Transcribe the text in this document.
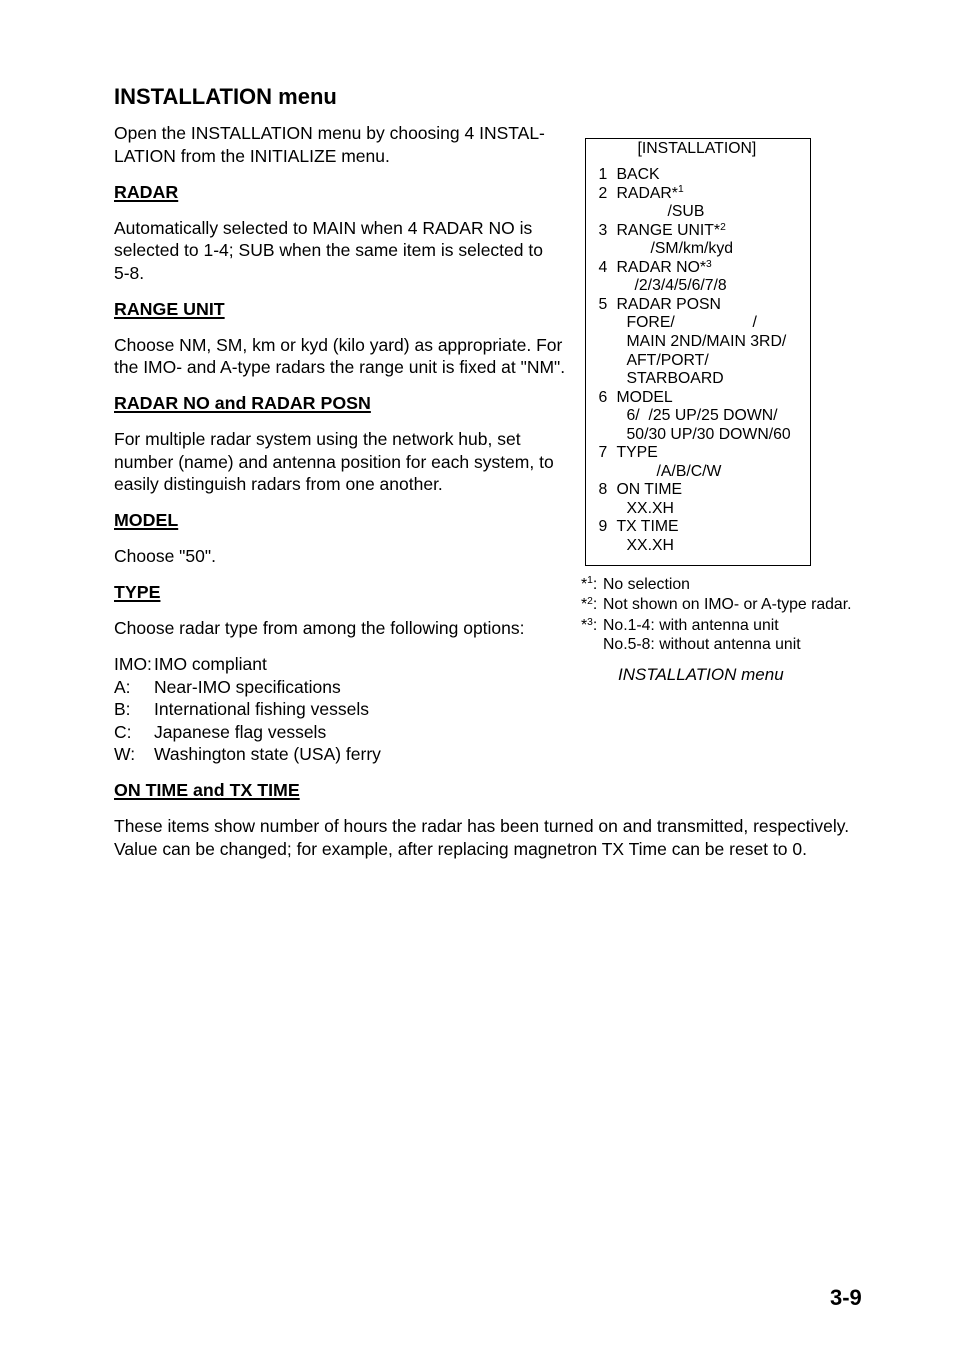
INSTALLATION menu
Open the INSTALLATION menu by choosing 4 INSTAL-
LATION from the INITIALIZE menu.
RADAR
Automatically selected to MAIN when 4 RADAR NO is
selected to 1-4; SUB when the same item is selected to
5-8.
RANGE UNIT
Choose NM, SM, km or kyd (kilo yard) as appropriate. For
the IMO- and A-type radars the range unit is fixed at "NM".
RADAR NO and RADAR POSN
For multiple radar system using the network hub, set
number (name) and antenna position for each system, to
easily distinguish radars from one another.
MODEL
Choose "50".
TYPE
Choose radar type from among the following options:
IMO: IMO compliant
A:	Near-IMO specifications
B:	International fishing vessels
C:	Japanese flag vessels
W:	Washington state (USA) ferry
ON TIME and TX TIME
These items show number of hours the radar has been turned on and transmitted, respectively.
Value can be changed; for example, after replacing magnetron TX Time can be reset to 0.
[INSTALLATION]
1 BACK
2 RADAR*$^1$
/SUB
3 RANGE UNIT*$^2$
/SM/km/kyd
4 RADAR NO*$^3$
/2/3/4/5/6/7/8
5 RADAR POSN
FORE/	/
MAIN 2ND/MAIN 3RD/
AFT/PORT/
STARBOARD
6 MODEL
6/ /25 UP/25 DOWN/
50/30 UP/30 DOWN/60
7 TYPE
/A/B/C/W
8 ON TIME
XX.XH
9 TX TIME
XX.XH
*$^1$: No selection
*$^2$: Not shown on IMO- or A-type radar.
*$^3$: No.1-4: with antenna unit
No.5-8: without antenna unit
INSTALLATION menu
3-9
